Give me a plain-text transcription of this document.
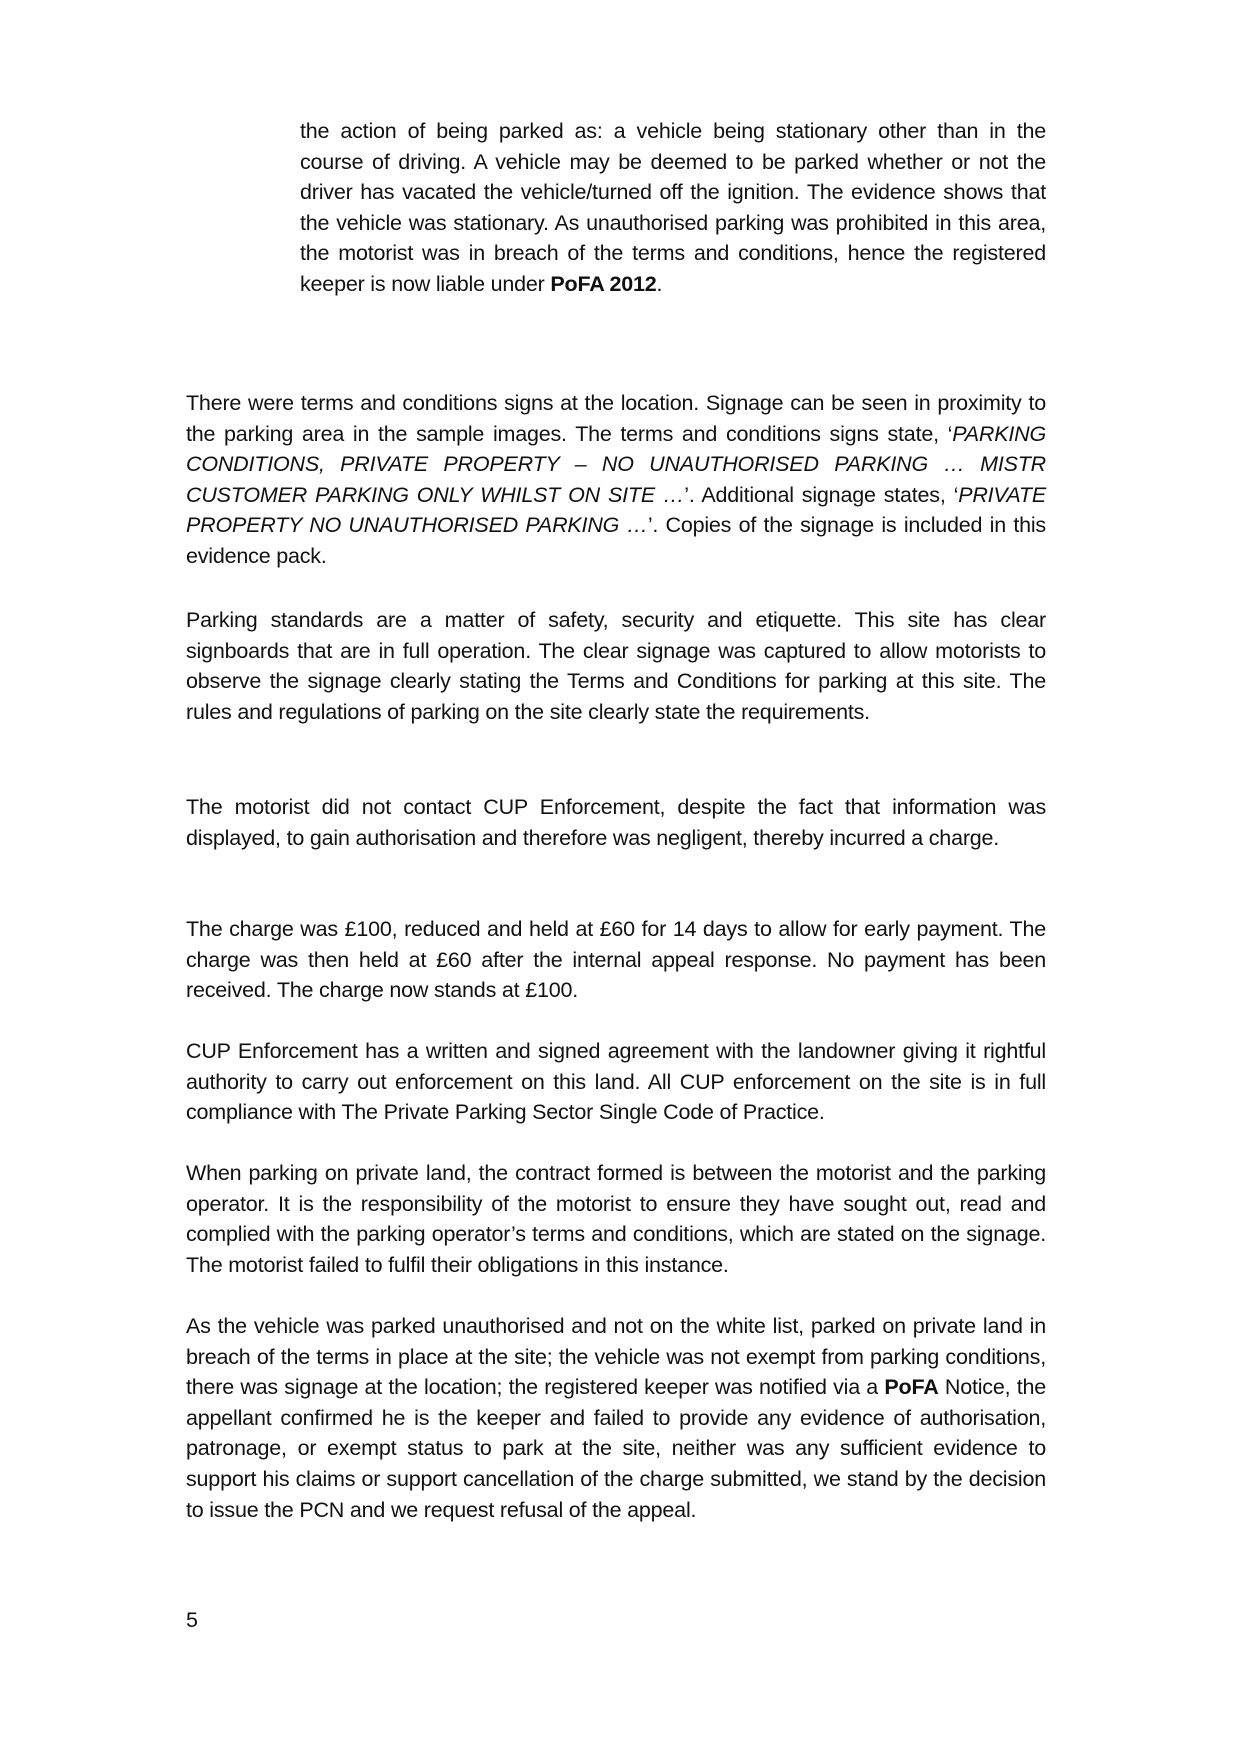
the action of being parked as: a vehicle being stationary other than in the course of driving. A vehicle may be deemed to be parked whether or not the driver has vacated the vehicle/turned off the ignition. The evidence shows that the vehicle was stationary. As unauthorised parking was prohibited in this area, the motorist was in breach of the terms and conditions, hence the registered keeper is now liable under PoFA 2012.

There were terms and conditions signs at the location. Signage can be seen in proximity to the parking area in the sample images. The terms and conditions signs state, ‘PARKING CONDITIONS, PRIVATE PROPERTY – NO UNAUTHORISED PARKING … MISTR CUSTOMER PARKING ONLY WHILST ON SITE …’. Additional signage states, ‘PRIVATE PROPERTY NO UNAUTHORISED PARKING …’. Copies of the signage is included in this evidence pack.

Parking standards are a matter of safety, security and etiquette. This site has clear signboards that are in full operation. The clear signage was captured to allow motorists to observe the signage clearly stating the Terms and Conditions for parking at this site. The rules and regulations of parking on the site clearly state the requirements.

The motorist did not contact CUP Enforcement, despite the fact that information was displayed, to gain authorisation and therefore was negligent, thereby incurred a charge.

The charge was £100, reduced and held at £60 for 14 days to allow for early payment. The charge was then held at £60 after the internal appeal response. No payment has been received. The charge now stands at £100.

CUP Enforcement has a written and signed agreement with the landowner giving it rightful authority to carry out enforcement on this land. All CUP enforcement on the site is in full compliance with The Private Parking Sector Single Code of Practice.

When parking on private land, the contract formed is between the motorist and the parking operator. It is the responsibility of the motorist to ensure they have sought out, read and complied with the parking operator’s terms and conditions, which are stated on the signage. The motorist failed to fulfil their obligations in this instance.

As the vehicle was parked unauthorised and not on the white list, parked on private land in breach of the terms in place at the site; the vehicle was not exempt from parking conditions, there was signage at the location; the registered keeper was notified via a PoFA Notice, the appellant confirmed he is the keeper and failed to provide any evidence of authorisation, patronage, or exempt status to park at the site, neither was any sufficient evidence to support his claims or support cancellation of the charge submitted, we stand by the decision to issue the PCN and we request refusal of the appeal.

5
